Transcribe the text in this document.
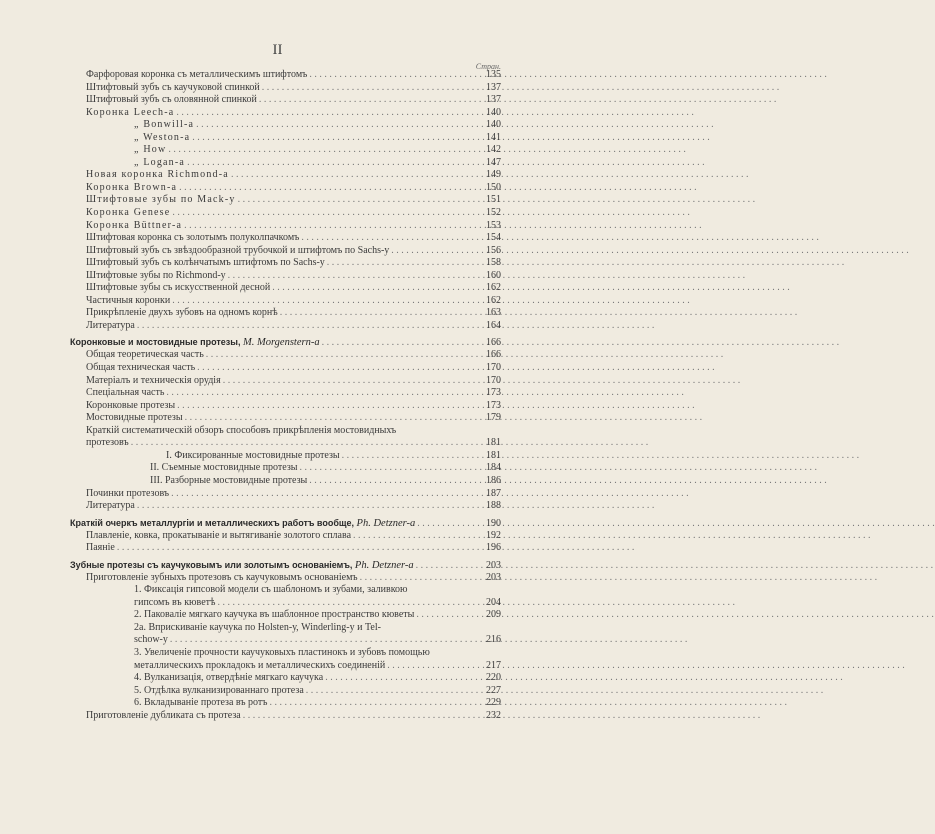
II
Стран.
Фарфоровая коронка съ металлическимъ штифтомъ . . .	135
Штифтовый зубъ съ каучуковой спинкой . . .	137
Штифтовый зубъ съ оловянной спинкой . . .	137
Коронка Leech-а . . .	140
„ Bonwill-а . . .	140
„ Weston-а . . .	141
„ How . . .	142
„ Logan-а . . .	147
Новая коронка Richmond-а . . .	149
Коронка Brown-а . . .	150
Штифтовые зубы по Mack-у . . .	151
Коронка Genese . . .	152
Коронка Büttner-а . . .	153
Штифтовая коронка съ золотымъ полуколпачкомъ . . .	154
Штифтовый зубъ съ звѣздообразной трубочкой и штифтомъ по Sachs-у . . .	156
Штифтовый зубъ съ колѣнчатымъ штифтомъ по Sachs-у . . .	158
Штифтовые зубы по Richmond-у . . .	160
Штифтовые зубы съ искусственной десной . . .	162
Частичныя коронки . . .	162
Прикрѣпленіе двухъ зубовъ на одномъ корнѣ . . .	163
Литература . . .	164
Коронковые и мостовидные протезы, M. Morgenstern-а . . .	166
Общая теоретическая часть . . .	166
Общая техническая часть . . .	170
Матеріалъ и техническія орудія . . .	170
Спеціальная часть . . .	173
Коронковые протезы . . .	173
Мостовидные протезы . . .	179
Краткій систематическій обзоръ способовъ прикрѣпленія мостовидныхъ
протезовъ . . .	181
I. Фиксированные мостовидные протезы . . .	181
II. Съемные мостовидные протезы . . .	184
III. Разборные мостовидные протезы . . .	186
Починки протезовъ . . .	187
Литература . . .	188
Краткій очеркъ металлургіи и металлическихъ работъ вообще, Ph. Detzner-а . . .	190
Плавленіе, ковка, прокатываніе и вытягиваніе золотого сплава . . .	192
Паяніе . . .	196
Зубные протезы съ каучуковымъ или золотымъ основаніемъ, Ph. Detzner-а . . .	203
Приготовленіе зубныхъ протезовъ съ каучуковымъ основаніемъ . . .	203
1. Фиксація гипсовой модели съ шаблономъ и зубами, заливкою
гипсомъ въ кюветѣ . . .	204
2. Паковаліе мягкаго каучука въ шаблонное пространство кюветы . . .	209
2а. Вприскиваніе каучука по Holsten-у, Winderling-у и Tel-
schow-у . . .	216
3. Увеличеніе прочности каучуковыхъ пластинокъ и зубовъ помощью
металлическихъ прокладокъ и металлическихъ соединеній . . .	217
4. Вулканизація, отвердѣніе мягкаго каучука . . .	220
5. Отдѣлка вулканизированнаго протеза . . .	227
6. Вкладываніе протеза въ ротъ . . .	229
Приготовленіе дубликата съ протеза . . .	232
